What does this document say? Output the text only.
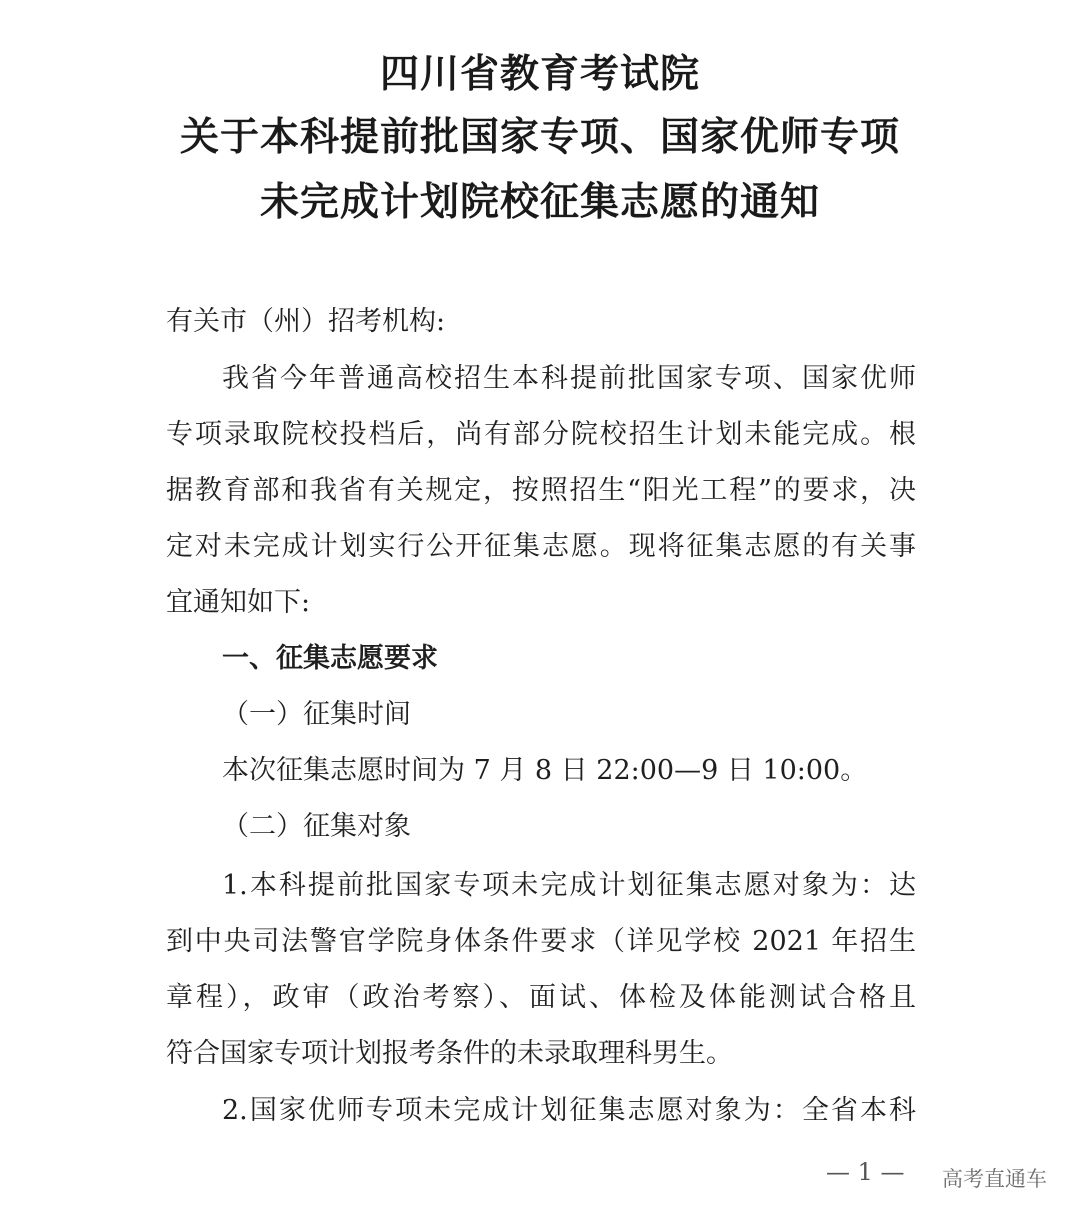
四川省教育考试院
关于本科提前批国家专项、国家优师专项
未完成计划院校征集志愿的通知
有关市（州）招考机构:
我省今年普通高校招生本科提前批国家专项、国家优师
专项录取院校投档后，尚有部分院校招生计划未能完成。根
据教育部和我省有关规定，按照招生“阳光工程”的要求，决
定对未完成计划实行公开征集志愿。现将征集志愿的有关事
宜通知如下:
一、征集志愿要求
（一）征集时间
本次征集志愿时间为 7 月 8 日 22:00—9 日 10:00。
（二）征集对象
1.本科提前批国家专项未完成计划征集志愿对象为：达
到中央司法警官学院身体条件要求（详见学校 2021 年招生
章程），政审（政治考察）、面试、体检及体能测试合格且
符合国家专项计划报考条件的未录取理科男生。
2.国家优师专项未完成计划征集志愿对象为：全省本科
— 1 — 高考直通车
